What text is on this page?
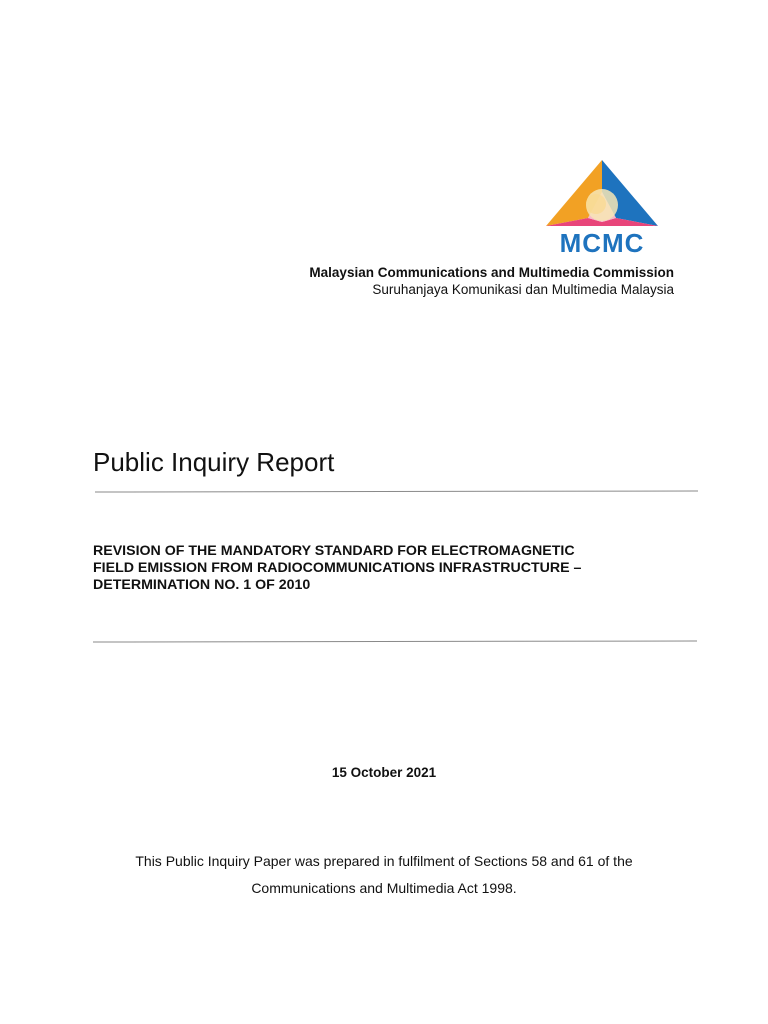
MCMC
Malaysian Communications and Multimedia Commission
Suruhanjaya Komunikasi dan Multimedia Malaysia
Public Inquiry Report
REVISION OF THE MANDATORY STANDARD FOR ELECTROMAGNETIC
FIELD EMISSION FROM RADIOCOMMUNICATIONS INFRASTRUCTURE –
DETERMINATION NO. 1 OF 2010
15 October 2021
This Public Inquiry Paper was prepared in fulfilment of Sections 58 and 61 of the
Communications and Multimedia Act 1998.
